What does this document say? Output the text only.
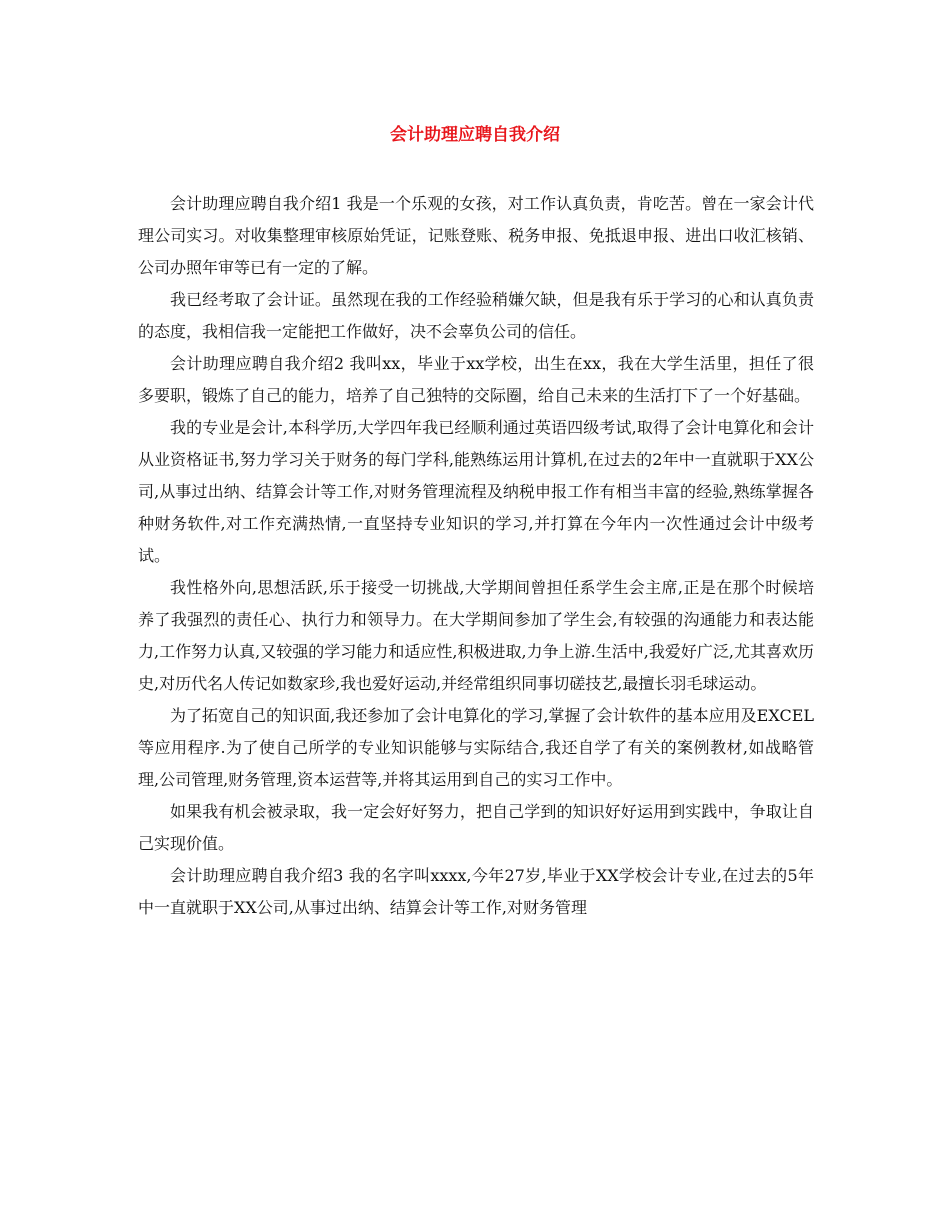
会计助理应聘自我介绍

会计助理应聘自我介绍1 我是一个乐观的女孩，对工作认真负责，肯吃苦。曾在一家会计代理公司实习。对收集整理审核原始凭证，记账登账、税务申报、免抵退申报、进出口收汇核销、公司办照年审等已有一定的了解。

我已经考取了会计证。虽然现在我的工作经验稍嫌欠缺，但是我有乐于学习的心和认真负责的态度，我相信我一定能把工作做好，决不会辜负公司的信任。

会计助理应聘自我介绍2 我叫xx，毕业于xx学校，出生在xx，我在大学生活里，担任了很多要职，锻炼了自己的能力，培养了自己独特的交际圈，给自己未来的生活打下了一个好基础。

我的专业是会计,本科学历,大学四年我已经顺利通过英语四级考试,取得了会计电算化和会计从业资格证书,努力学习关于财务的每门学科,能熟练运用计算机,在过去的2年中一直就职于XX公司,从事过出纳、结算会计等工作,对财务管理流程及纳税申报工作有相当丰富的经验,熟练掌握各种财务软件,对工作充满热情,一直坚持专业知识的学习,并打算在今年内一次性通过会计中级考试。

我性格外向,思想活跃,乐于接受一切挑战,大学期间曾担任系学生会主席,正是在那个时候培养了我强烈的责任心、执行力和领导力。在大学期间参加了学生会,有较强的沟通能力和表达能力,工作努力认真,又较强的学习能力和适应性,积极进取,力争上游.生活中,我爱好广泛,尤其喜欢历史,对历代名人传记如数家珍,我也爱好运动,并经常组织同事切磋技艺,最擅长羽毛球运动。

为了拓宽自己的知识面,我还参加了会计电算化的学习,掌握了会计软件的基本应用及EXCEL等应用程序.为了使自己所学的专业知识能够与实际结合,我还自学了有关的案例教材,如战略管理,公司管理,财务管理,资本运营等,并将其运用到自己的实习工作中。

如果我有机会被录取，我一定会好好努力，把自己学到的知识好好运用到实践中，争取让自己实现价值。

会计助理应聘自我介绍3 我的名字叫xxxx,今年27岁,毕业于XX学校会计专业,在过去的5年中一直就职于XX公司,从事过出纳、结算会计等工作,对财务管理
